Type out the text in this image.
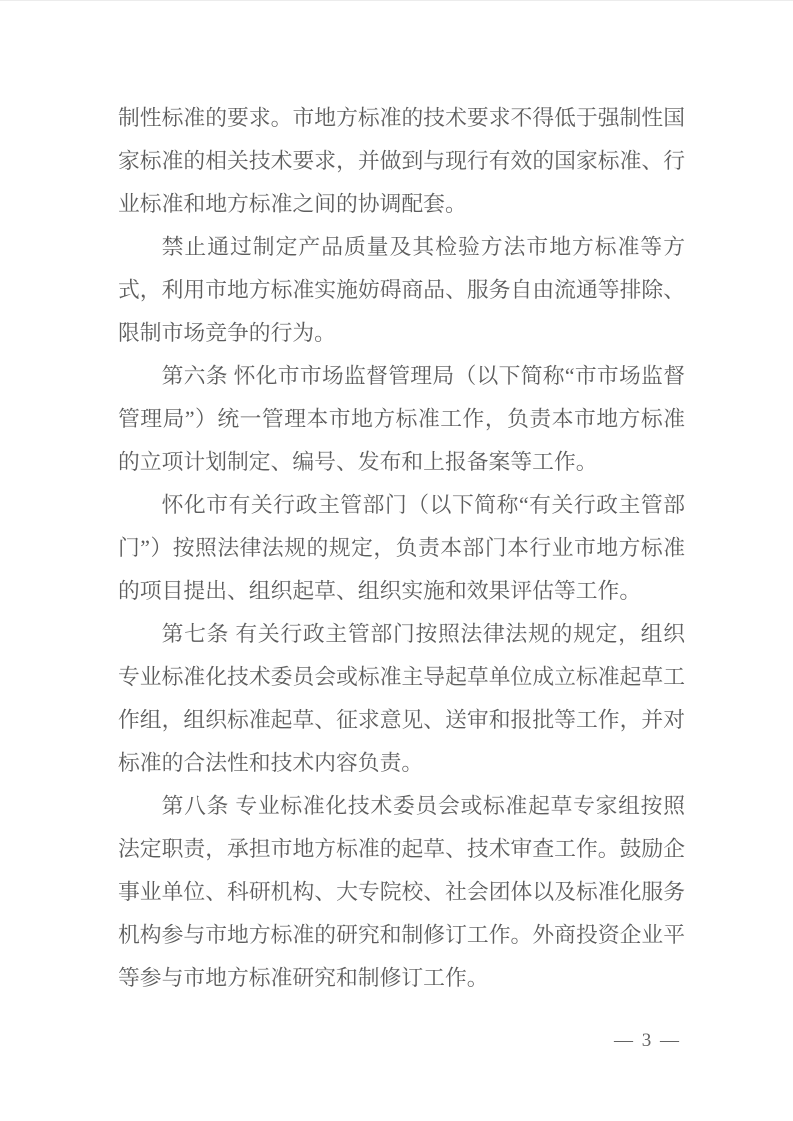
制性标准的要求。市地方标准的技术要求不得低于强制性国家标准的相关技术要求，并做到与现行有效的国家标准、行业标准和地方标准之间的协调配套。

禁止通过制定产品质量及其检验方法市地方标准等方式，利用市地方标准实施妨碍商品、服务自由流通等排除、限制市场竞争的行为。

第六条 怀化市市场监督管理局（以下简称“市市场监督管理局”）统一管理本市地方标准工作，负责本市地方标准的立项计划制定、编号、发布和上报备案等工作。

怀化市有关行政主管部门（以下简称“有关行政主管部门”）按照法律法规的规定，负责本部门本行业市地方标准的项目提出、组织起草、组织实施和效果评估等工作。

第七条 有关行政主管部门按照法律法规的规定，组织专业标准化技术委员会或标准主导起草单位成立标准起草工作组，组织标准起草、征求意见、送审和报批等工作，并对标准的合法性和技术内容负责。

第八条 专业标准化技术委员会或标准起草专家组按照法定职责，承担市地方标准的起草、技术审查工作。鼓励企事业单位、科研机构、大专院校、社会团体以及标准化服务机构参与市地方标准的研究和制修订工作。外商投资企业平等参与市地方标准研究和制修订工作。

— 3 —
